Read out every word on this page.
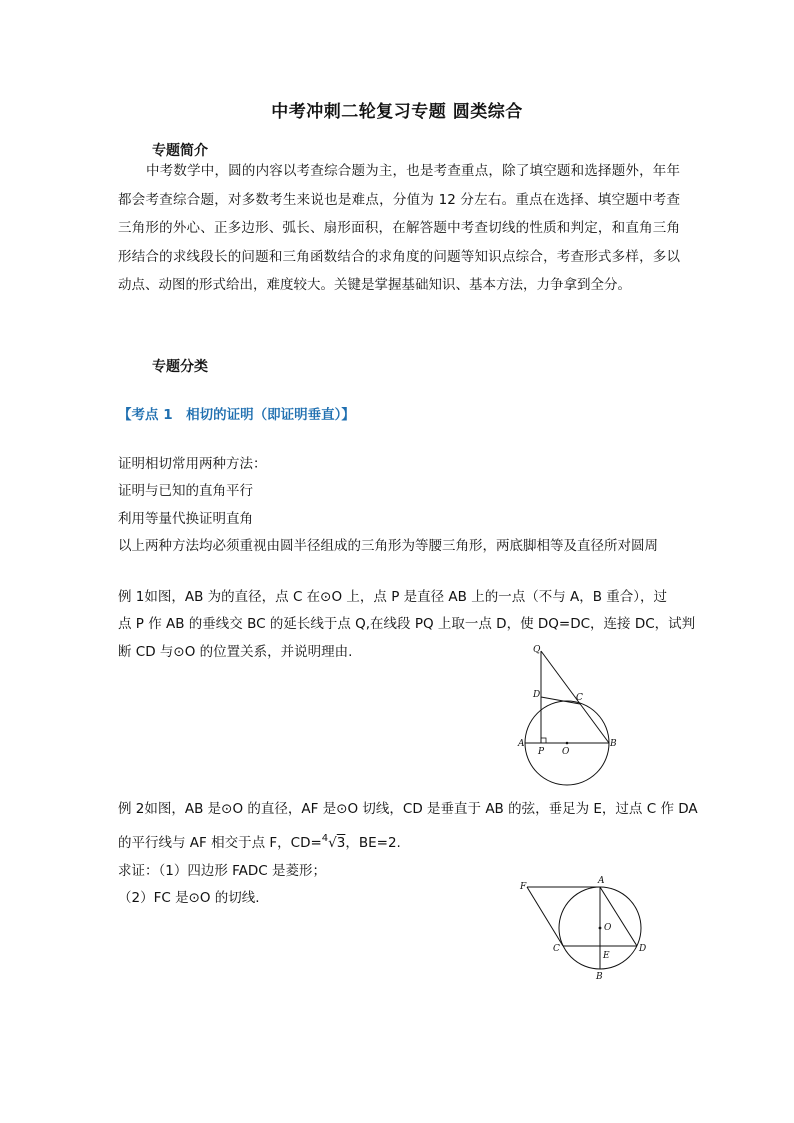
中考冲刺二轮复习专题 圆类综合
专题简介
中考数学中，圆的内容以考查综合题为主，也是考查重点，除了填空题和选择题外，年年都会考查综合题，对多数考生来说也是难点，分值为 12 分左右。重点在选择、填空题中考查三角形的外心、正多边形、弧长、扇形面积，在解答题中考查切线的性质和判定，和直角三角形结合的求线段长的问题和三角函数结合的求角度的问题等知识点综合，考查形式多样，多以动点、动图的形式给出，难度较大。关键是掌握基础知识、基本方法，力争拿到全分。
专题分类
【考点 1　相切的证明（即证明垂直）】
证明相切常用两种方法：
证明与已知的直角平行
利用等量代换证明直角
以上两种方法均必须重视由圆半径组成的三角形为等腰三角形，两底脚相等及直径所对圆周
例 1如图，AB 为的直径，点 C 在⊙O 上，点 P 是直径 AB 上的一点（不与 A，B 重合），过
点 P 作 AB 的垂线交 BC 的延长线于点 Q,在线段 PQ 上取一点 D，使 DQ=DC，连接 DC，试判
断 CD 与⊙O 的位置关系，并说明理由.	Q
D	C
A
P O
B
例 2如图，AB 是⊙O 的直径，AF 是⊙O 切线，CD 是垂直于 AB 的弦，垂足为 E，过点 C 作 DA
的平行线与 AF 相交于点 F，CD=$^4$√3，BE=2.
求证：（1）四边形 FADC 是菱形；
（2）FC 是⊙O 的切线.
F
A
O
C
E
D
B
